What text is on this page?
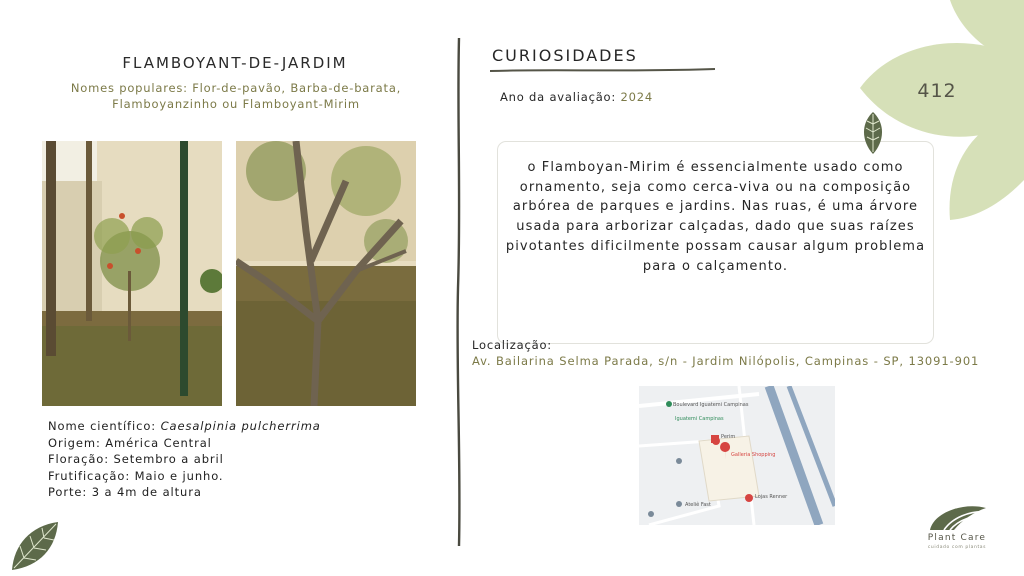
FLAMBOYANT-DE-JARDIM
Nomes populares: Flor-de-pavão, Barba-de-barata,
Flamboyanzinho ou Flamboyant-Mirim
Nome científico: Caesalpinia pulcherrima
Origem: América Central
Floração: Setembro a abril
Frutificação: Maio e junho.
Porte: 3 a 4m de altura
CURIOSIDADES
Ano da avaliação: 2024
o Flamboyan-Mirim é essencialmente usado como ornamento, seja como cerca-viva ou na composição arbórea de parques e jardins. Nas ruas, é uma árvore usada para arborizar calçadas, dado que suas raízes pivotantes dificilmente possam causar algum problema para o calçamento.
Localização:
Av. Bailarina Selma Parada, s/n - Jardim Nilópolis, Campinas - SP, 13091-901
Boulevard Iguatemi Campinas
Iguatemi Campinas
Perim
Galleria Shopping
Lojas Renner
Ateliê Fast
412
Plant Care
cuidado com plantas
